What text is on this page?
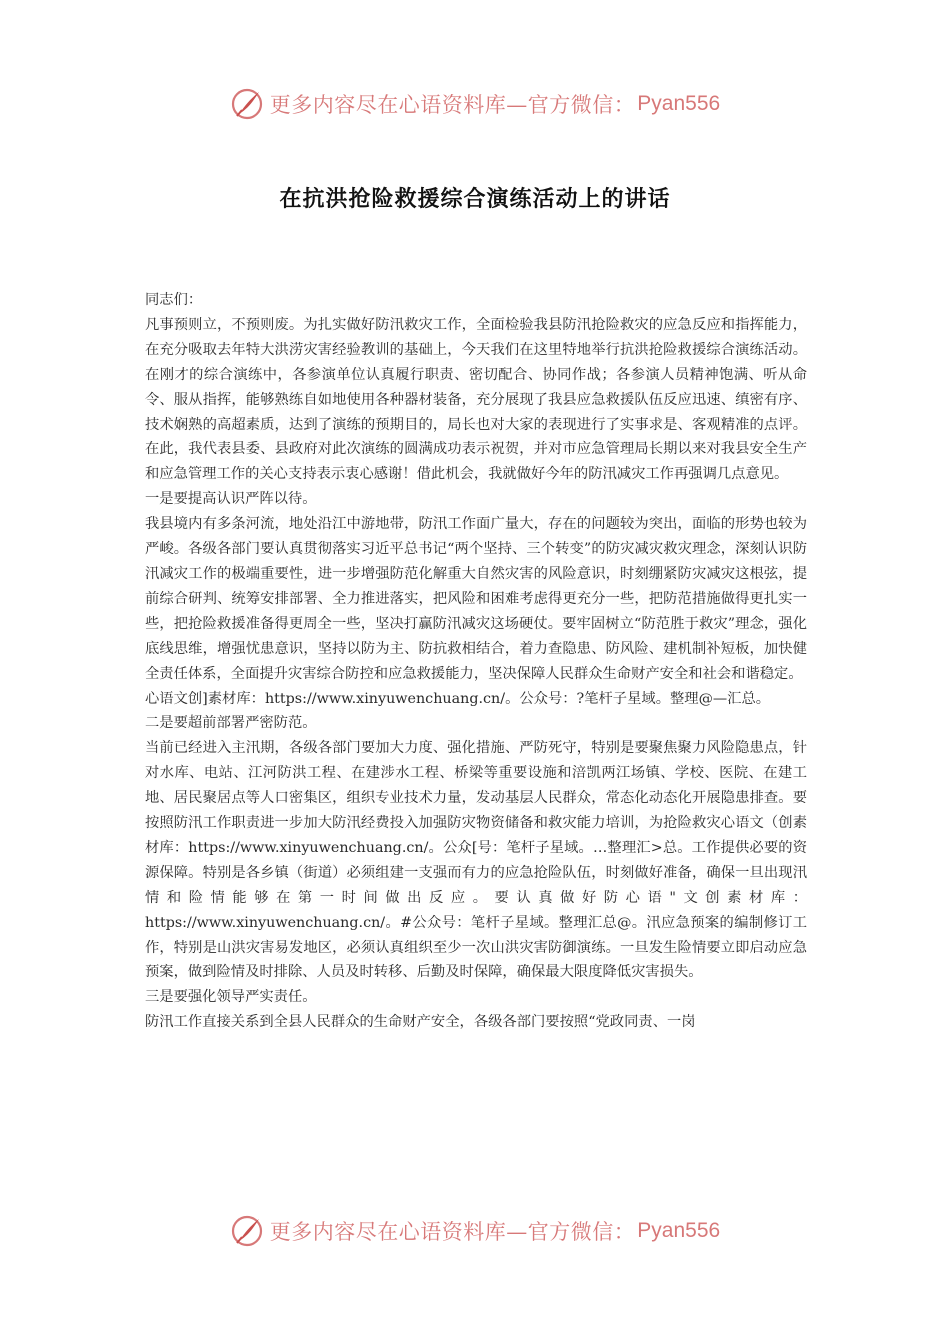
更多内容尽在心语资料库—官方微信： Pyan556
在抗洪抢险救援综合演练活动上的讲话

同志们：

凡事预则立，不预则废。为扎实做好防汛救灾工作，全面检验我县防汛抢险救灾的应急反应和指挥能力，在充分吸取去年特大洪涝灾害经验教训的基础上，今天我们在这里特地举行抗洪抢险救援综合演练活动。在刚才的综合演练中，各参演单位认真履行职责、密切配合、协同作战；各参演人员精神饱满、听从命令、服从指挥，能够熟练自如地使用各种器材装备，充分展现了我县应急救援队伍反应迅速、缜密有序、技术娴熟的高超素质，达到了演练的预期目的，局长也对大家的表现进行了实事求是、客观精准的点评。在此，我代表县委、县政府对此次演练的圆满成功表示祝贺，并对市应急管理局长期以来对我县安全生产和应急管理工作的关心支持表示衷心感谢！借此机会，我就做好今年的防汛减灾工作再强调几点意见。

一是要提高认识严阵以待。

我县境内有多条河流，地处沿江中游地带，防汛工作面广量大，存在的问题较为突出，面临的形势也较为严峻。各级各部门要认真贯彻落实习近平总书记“两个坚持、三个转变”的防灾减灾救灾理念，深刻认识防汛减灾工作的极端重要性，进一步增强防范化解重大自然灾害的风险意识，时刻绷紧防灾减灾这根弦，提前综合研判、统筹安排部署、全力推进落实，把风险和困难考虑得更充分一些，把防范措施做得更扎实一些，把抢险救援准备得更周全一些，坚决打赢防汛减灾这场硬仗。要牢固树立“防范胜于救灾”理念，强化底线思维，增强忧患意识，坚持以防为主、防抗救相结合，着力查隐患、防风险、建机制补短板，加快健全责任体系，全面提升灾害综合防控和应急救援能力，坚决保障人民群众生命财产安全和社会和谐稳定。

心语文创]素材库：https://www.xinyuwenchuang.cn/。公众号：?笔杆子星域。整理@—汇总。

二是要超前部署严密防范。

当前已经进入主汛期，各级各部门要加大力度、强化措施、严防死守，特别是要聚焦聚力风险隐患点，针对水库、电站、江河防洪工程、在建涉水工程、桥梁等重要设施和涪凯两江场镇、学校、医院、在建工地、居民聚居点等人口密集区，组织专业技术力量，发动基层人民群众，常态化动态化开展隐患排查。要按照防汛工作职责进一步加大防汛经费投入加强防灾物资储备和救灾能力培训，为抢险救灾心语文（创素材库：https://www.xinyuwenchuang.cn/。公众[号：笔杆子星域。…整理汇>总。工作提供必要的资源保障。特别是各乡镇（街道）必须组建一支强而有力的应急抢险队伍，时刻做好准备，确保一旦出现汛情和险情能够在第一时间做出反应。要认真做好防心语"文创素材库：https://www.xinyuwenchuang.cn/。#公众号：笔杆子星域。整理汇总@。汛应急预案的编制修订工作，特别是山洪灾害易发地区，必须认真组织至少一次山洪灾害防御演练。一旦发生险情要立即启动应急预案，做到险情及时排除、人员及时转移、后勤及时保障，确保最大限度降低灾害损失。

三是要强化领导严实责任。

防汛工作直接关系到全县人民群众的生命财产安全，各级各部门要按照“党政同责、一岗

更多内容尽在心语资料库—官方微信： Pyan556
